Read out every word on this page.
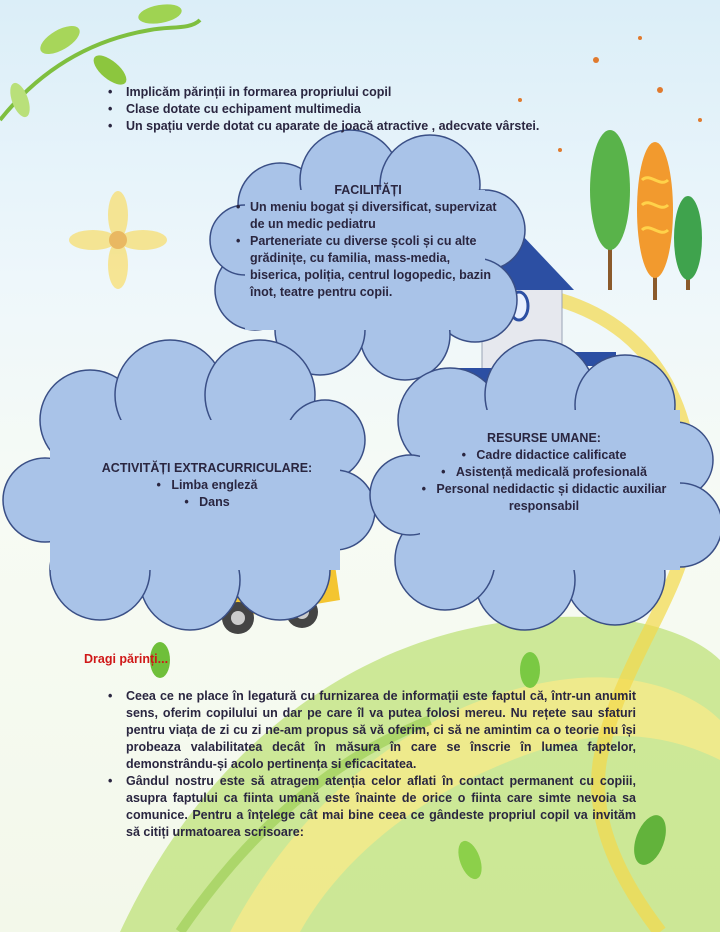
• Implicăm părinții in formarea propriului copil
• Clase dotate cu echipament multimedia
• Un spațiu verde dotat cu aparate de joacă atractive , adecvate vârstei.
FACILITĂȚI
• Un meniu bogat și diversificat, supervizat de un medic pediatru
• Parteneriate cu diverse școli și cu alte grădinițe, cu familia, mass-media, biserica, poliția, centrul logopedic, bazin înot, teatre pentru copii.
ACTIVITĂȚI EXTRACURRICULARE:
•   Limba engleză
•   Dans
RESURSE UMANE:
•   Cadre didactice calificate
•   Asistență medicală profesională
•   Personal nedidactic și didactic auxiliar responsabil
Dragi părinți...
• Ceea ce ne place în legatură cu furnizarea de informații este faptul că, într-un anumit sens, oferim copilului un dar pe care îl va putea folosi mereu. Nu rețete sau sfaturi pentru viața de zi cu zi ne-am propus să vă oferim, ci să ne amintim ca o teorie nu își probeaza valabilitatea decât în măsura în care se înscrie în lumea faptelor, demonstrându-și acolo pertinența si eficacitatea.
• Gândul nostru este să atragem atenția celor aflati în contact permanent cu copiii, asupra faptului ca fiinta umană este înainte de orice o fiinta care simte nevoia sa comunice. Pentru a înțelege cât mai bine ceea ce gândeste propriul copil va invităm să citiți urmatoarea scrisoare:
